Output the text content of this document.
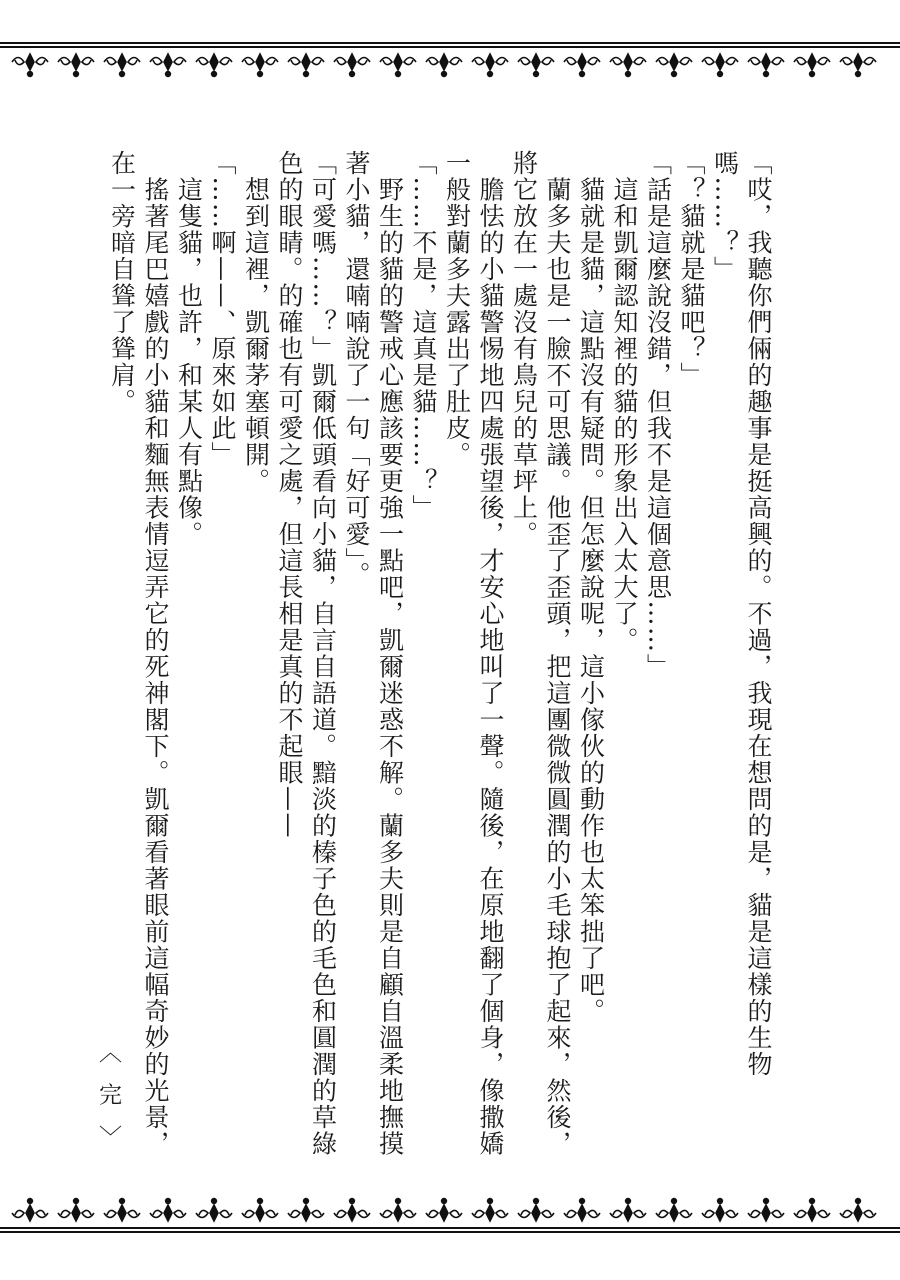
「哎，我聽你們倆的趣事是挺高興的。不過，我現在想問的是，貓是這樣的生物嗎……？」

「？貓就是貓吧？」

「話是這麼說沒錯，但我不是這個意思……」

　這和凱爾認知裡的貓的形象出入太大了。

　貓就是貓，這點沒有疑問。但怎麼說呢，這小傢伙的動作也太笨拙了吧。

　蘭多夫也是一臉不可思議。他歪了歪頭，把這團微微圓潤的小毛球抱了起來，然後，將它放在一處沒有鳥兒的草坪上。

　膽怯的小貓警惕地四處張望後，才安心地叫了一聲。隨後，在原地翻了個身，像撒嬌一般對蘭多夫露出了肚皮。

「……不是，這真是貓……？」

　野生的貓的警戒心應該要更強一點吧，凱爾迷惑不解。蘭多夫則是自顧自溫柔地撫摸著小貓，還喃喃說了一句「好可愛」。

「可愛嗎……？」凱爾低頭看向小貓，自言自語道。黯淡的榛子色的毛色和圓潤的草綠色的眼睛。的確也有可愛之處，但這長相是真的不起眼——

　想到這裡，凱爾茅塞頓開。

「……啊——、原來如此」

　這隻貓，也許，和某人有點像。

　搖著尾巴嬉戲的小貓和麵無表情逗弄它的死神閣下。凱爾看著眼前這幅奇妙的光景，在一旁暗自聳了聳肩。

〈 完 〉
